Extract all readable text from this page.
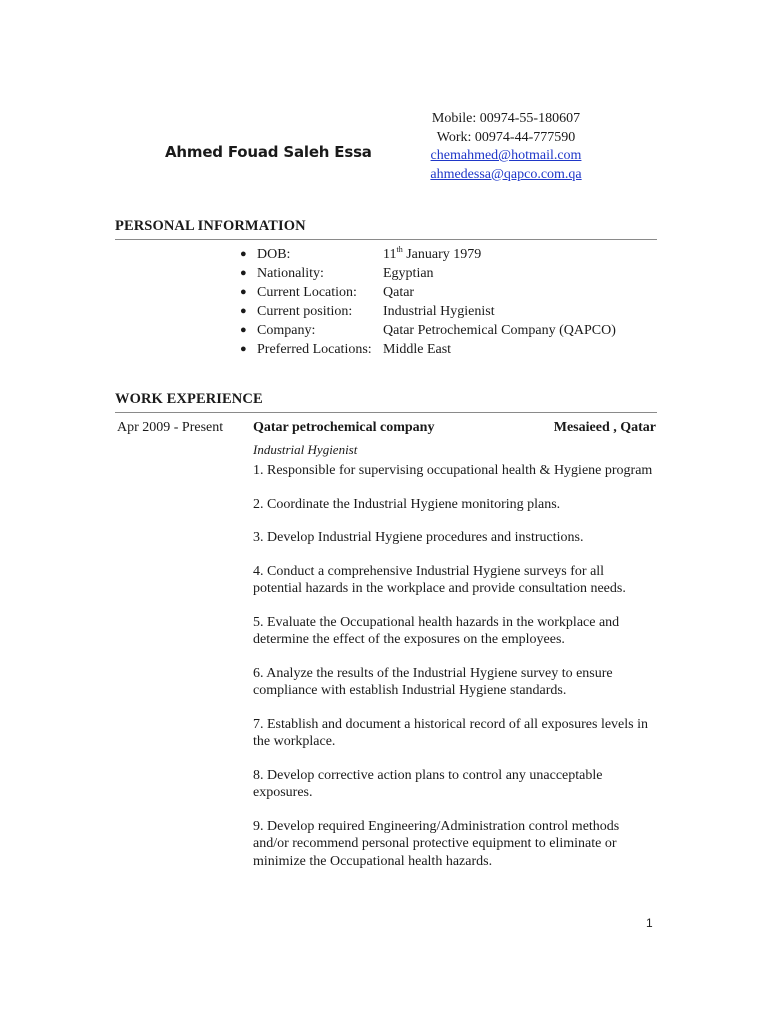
Ahmed Fouad Saleh Essa
Mobile: 00974-55-180607
Work: 00974-44-777590
chemahmed@hotmail.com
ahmedessa@qapco.com.qa
PERSONAL INFORMATION
● DOB:	11th January 1979
● Nationality:	Egyptian
● Current Location: Qatar
● Current position: Industrial Hygienist
● Company:	Qatar Petrochemical Company (QAPCO)
● Preferred Locations: Middle East
WORK EXPERIENCE
Apr 2009 - Present Qatar petrochemical company	Mesaieed , Qatar
Industrial Hygienist
1. Responsible for supervising occupational health & Hygiene program
2. Coordinate the Industrial Hygiene monitoring plans.
3. Develop Industrial Hygiene procedures and instructions.
4. Conduct a comprehensive Industrial Hygiene surveys for all potential hazards in the workplace and provide consultation needs.
5. Evaluate the Occupational health hazards in the workplace and determine the effect of the exposures on the employees.
6. Analyze the results of the Industrial Hygiene survey to ensure compliance with establish Industrial Hygiene standards.
7. Establish and document a historical record of all exposures levels in the workplace.
8. Develop corrective action plans to control any unacceptable exposures.
9. Develop required Engineering/Administration control methods and/or recommend personal protective equipment to eliminate or minimize the Occupational health hazards.
1
